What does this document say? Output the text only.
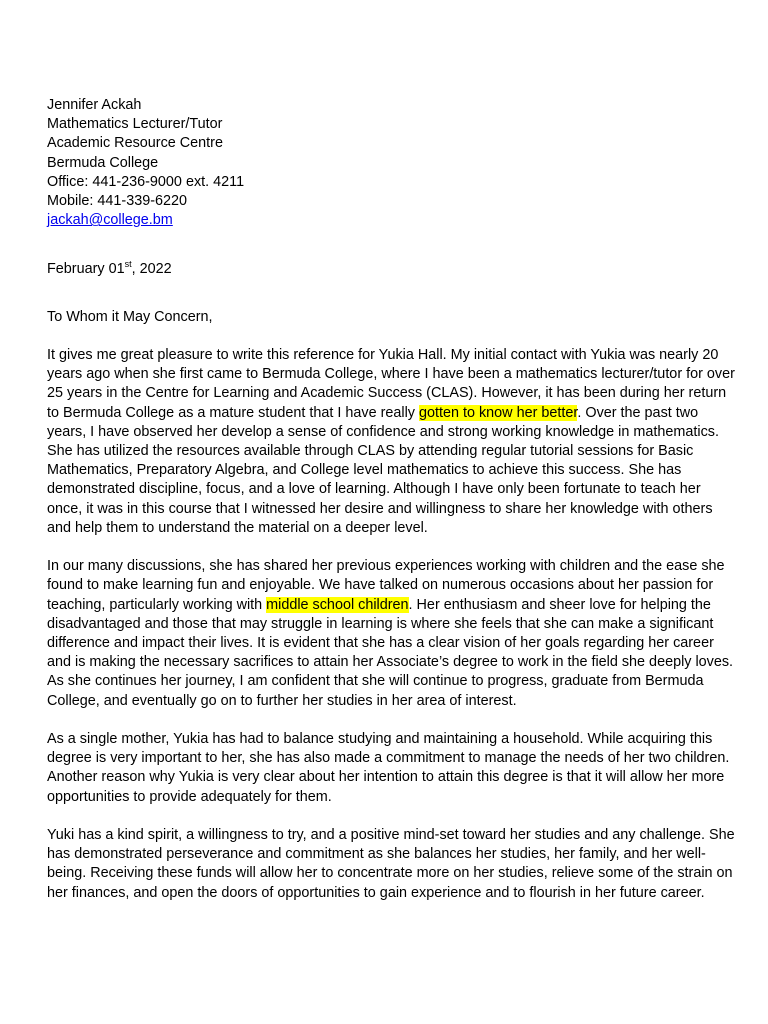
Jennifer Ackah
Mathematics Lecturer/Tutor
Academic Resource Centre
Bermuda College
Office: 441-236-9000 ext. 4211
Mobile: 441-339-6220
jackah@college.bm
February 01st, 2022
To Whom it May Concern,

It gives me great pleasure to write this reference for Yukia Hall. My initial contact with Yukia was nearly 20 years ago when she first came to Bermuda College, where I have been a mathematics lecturer/tutor for over 25 years in the Centre for Learning and Academic Success (CLAS). However, it has been during her return to Bermuda College as a mature student that I have really gotten to know her better. Over the past two years, I have observed her develop a sense of confidence and strong working knowledge in mathematics. She has utilized the resources available through CLAS by attending regular tutorial sessions for Basic Mathematics, Preparatory Algebra, and College level mathematics to achieve this success. She has demonstrated discipline, focus, and a love of learning. Although I have only been fortunate to teach her once, it was in this course that I witnessed her desire and willingness to share her knowledge with others and help them to understand the material on a deeper level.

In our many discussions, she has shared her previous experiences working with children and the ease she found to make learning fun and enjoyable. We have talked on numerous occasions about her passion for teaching, particularly working with middle school children. Her enthusiasm and sheer love for helping the disadvantaged and those that may struggle in learning is where she feels that she can make a significant difference and impact their lives. It is evident that she has a clear vision of her goals regarding her career and is making the necessary sacrifices to attain her Associate’s degree to work in the field she deeply loves. As she continues her journey, I am confident that she will continue to progress, graduate from Bermuda College, and eventually go on to further her studies in her area of interest.

As a single mother, Yukia has had to balance studying and maintaining a household. While acquiring this degree is very important to her, she has also made a commitment to manage the needs of her two children. Another reason why Yukia is very clear about her intention to attain this degree is that it will allow her more opportunities to provide adequately for them.

Yuki has a kind spirit, a willingness to try, and a positive mind-set toward her studies and any challenge. She has demonstrated perseverance and commitment as she balances her studies, her family, and her well-being. Receiving these funds will allow her to concentrate more on her studies, relieve some of the strain on her finances, and open the doors of opportunities to gain experience and to flourish in her future career.
